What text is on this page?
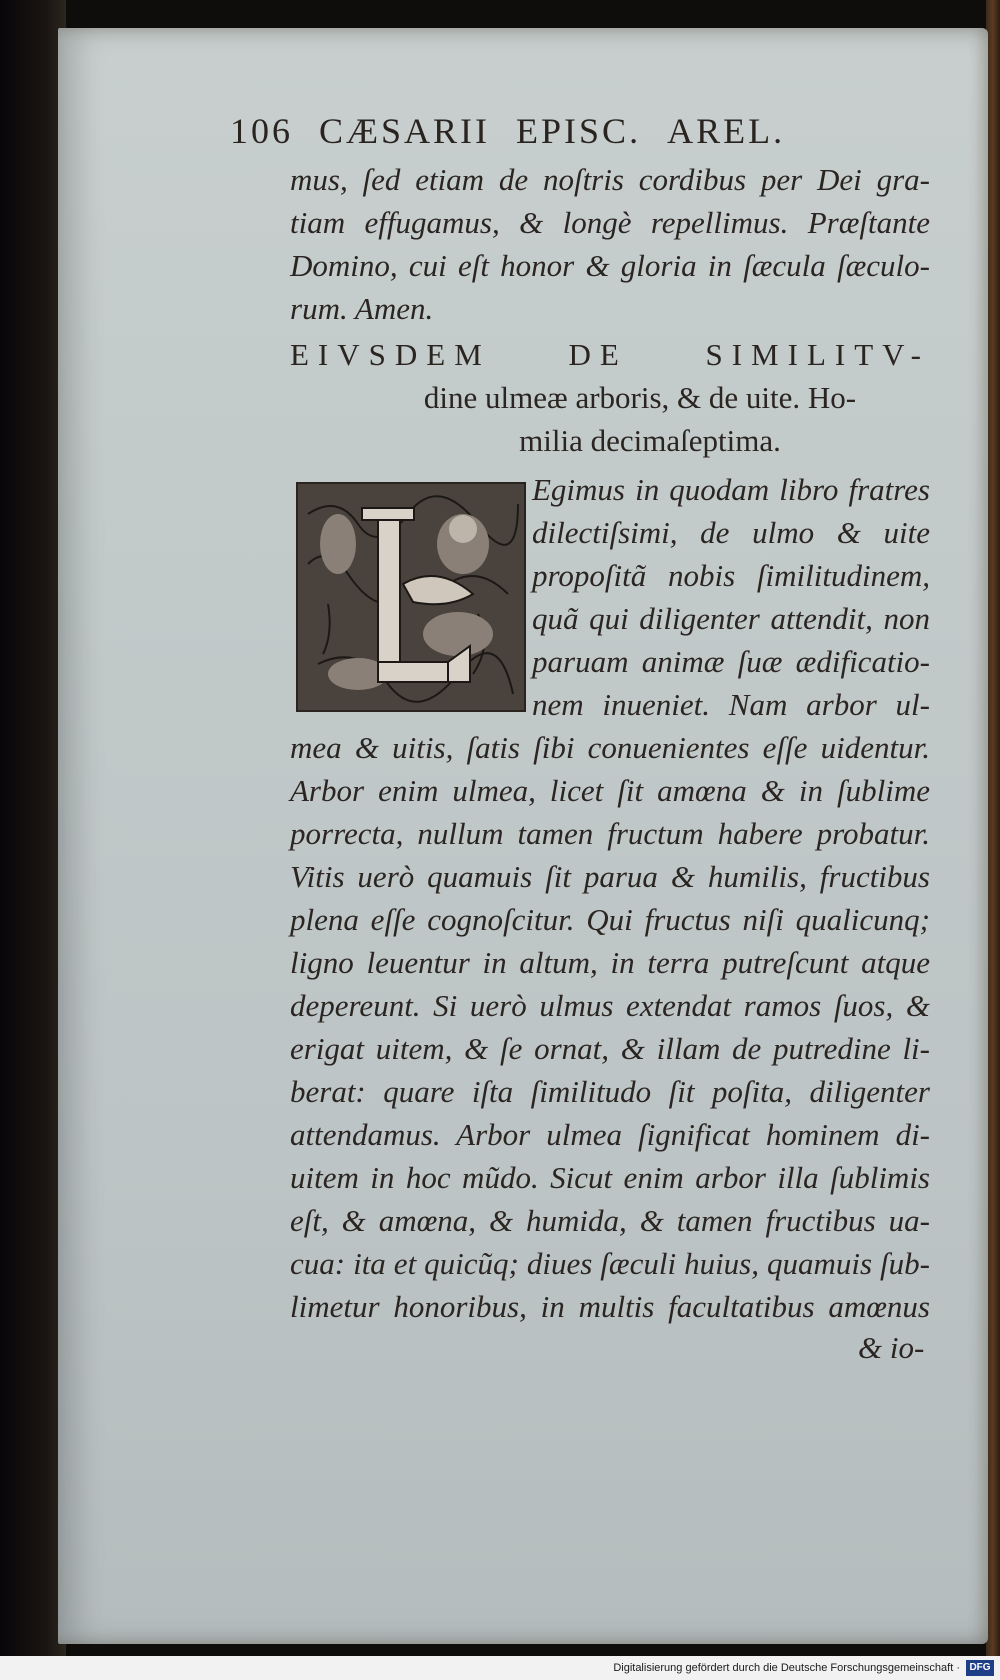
106 CÆSARII EPISC. AREL.
mus, ſed etiam de noſtris cordibus per Dei gra-
tiam effugamus, & longè repellimus. Præſtante
Domino, cui eſt honor & gloria in ſæcula ſæculo-
rum. Amen.
EIVSDEM DE SIMILITV-
dine ulmeæ arboris, & de uite. Ho-
milia decimaſeptima.
Egimus in quodam libro fratres
dilectiſsimi, de ulmo & uite
propoſitã nobis ſimilitudinem,
quã qui diligenter attendit, non
paruam animæ ſuæ ædificatio-
nem inueniet. Nam arbor ul-
mea & uitis, ſatis ſibi conuenientes eſſe uidentur.
Arbor enim ulmea, licet ſit amœna & in ſublime
porrecta, nullum tamen fructum habere probatur.
Vitis uerò quamuis ſit parua & humilis, fructibus
plena eſſe cognoſcitur. Qui fructus niſi qualicunq;
ligno leuentur in altum, in terra putreſcunt atque
depereunt. Si uerò ulmus extendat ramos ſuos, &
erigat uitem, & ſe ornat, & illam de putredine li-
berat: quare iſta ſimilitudo ſit poſita, diligenter
attendamus. Arbor ulmea ſignificat hominem di-
uitem in hoc mũdo. Sicut enim arbor illa ſublimis
eſt, & amœna, & humida, & tamen fructibus ua-
cua: ita et quicũq; diues ſæculi huius, quamuis ſub-
limetur honoribus, in multis facultatibus amœnus
& io-
Digitalisierung gefördert durch die Deutsche Forschungsgemeinschaft · DFG
